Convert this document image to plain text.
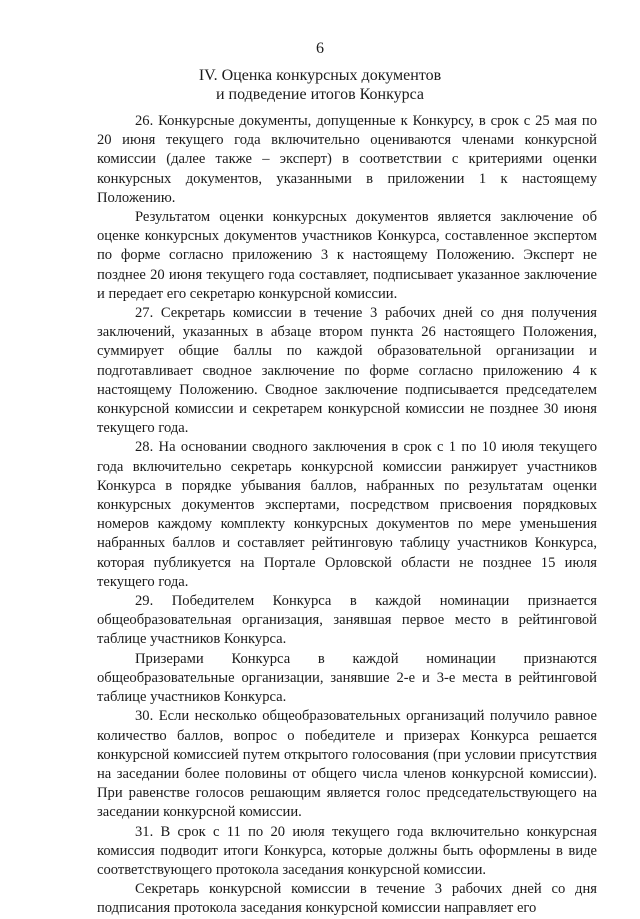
6
IV. Оценка конкурсных документов
и подведение итогов Конкурса

26. Конкурсные документы, допущенные к Конкурсу, в срок с 25 мая по 20 июня текущего года включительно оцениваются членами конкурсной комиссии (далее также – эксперт) в соответствии с критериями оценки конкурсных документов, указанными в приложении 1 к настоящему Положению.

Результатом оценки конкурсных документов является заключение об оценке конкурсных документов участников Конкурса, составленное экспертом по форме согласно приложению 3 к настоящему Положению. Эксперт не позднее 20 июня текущего года составляет, подписывает указанное заключение и передает его секретарю конкурсной комиссии.

27. Секретарь комиссии в течение 3 рабочих дней со дня получения заключений, указанных в абзаце втором пункта 26 настоящего Положения, суммирует общие баллы по каждой образовательной организации и подготавливает сводное заключение по форме согласно приложению 4 к настоящему Положению. Сводное заключение подписывается председателем конкурсной комиссии и секретарем конкурсной комиссии не позднее 30 июня текущего года.

28. На основании сводного заключения в срок с 1 по 10 июля текущего года включительно секретарь конкурсной комиссии ранжирует участников Конкурса в порядке убывания баллов, набранных по результатам оценки конкурсных документов экспертами, посредством присвоения порядковых номеров каждому комплекту конкурсных документов по мере уменьшения набранных баллов и составляет рейтинговую таблицу участников Конкурса, которая публикуется на Портале Орловской области не позднее 15 июля текущего года.

29. Победителем Конкурса в каждой номинации признается общеобразовательная организация, занявшая первое место в рейтинговой таблице участников Конкурса.

Призерами Конкурса в каждой номинации признаются общеобразовательные организации, занявшие 2-е и 3-е места в рейтинговой таблице участников Конкурса.

30. Если несколько общеобразовательных организаций получило равное количество баллов, вопрос о победителе и призерах Конкурса решается конкурсной комиссией путем открытого голосования (при условии присутствия на заседании более половины от общего числа членов конкурсной комиссии). При равенстве голосов решающим является голос председательствующего на заседании конкурсной комиссии.

31. В срок с 11 по 20 июля текущего года включительно конкурсная комиссия подводит итоги Конкурса, которые должны быть оформлены в виде соответствующего протокола заседания конкурсной комиссии.

Секретарь конкурсной комиссии в течение 3 рабочих дней со дня подписания протокола заседания конкурсной комиссии направляет его
